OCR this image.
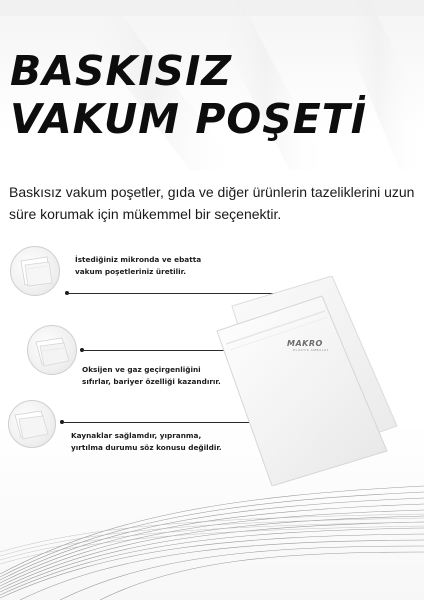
BASKISIZ
VAKUM POŞETİ
Baskısız vakum poşetler, gıda ve diğer ürünlerin tazeliklerini uzun süre korumak için mükemmel bir seçenektir.
İstediğiniz mikronda ve ebatta
vakum poşetleriniz üretilir.
Oksijen ve gaz geçirgenliğini
sıfırlar, bariyer özelliği kazandırır.
Kaynaklar sağlamdır, yıpranma,
yırtılma durumu söz konusu değildir.
MAKRO
PLASTİK AMBALAJ
